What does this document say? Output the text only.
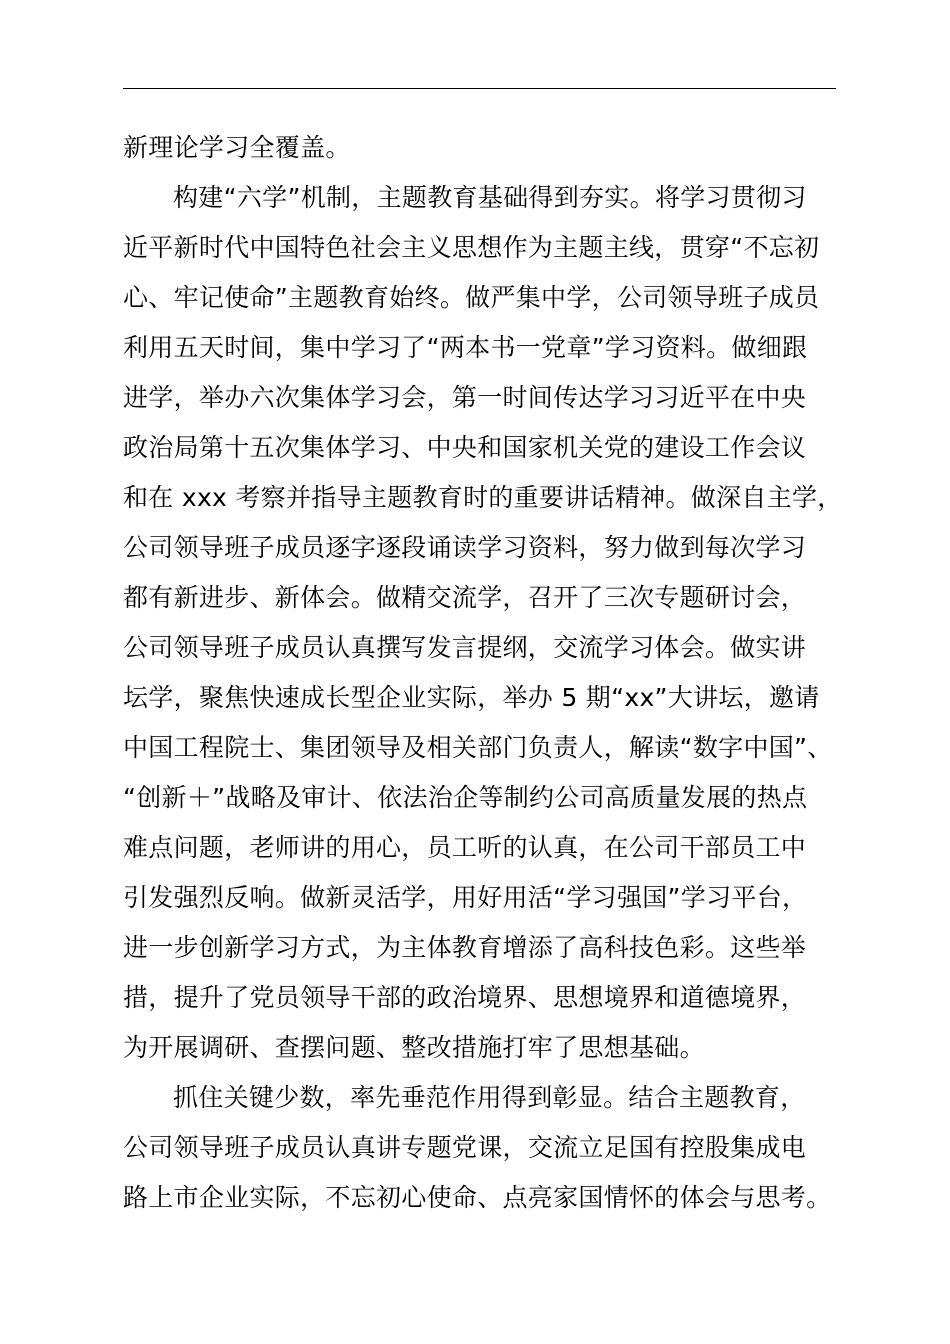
新理论学习全覆盖。
构建“六学”机制，主题教育基础得到夯实。将学习贯彻习
近平新时代中国特色社会主义思想作为主题主线，贯穿“不忘初
心、牢记使命”主题教育始终。做严集中学，公司领导班子成员
利用五天时间，集中学习了“两本书一党章”学习资料。做细跟
进学，举办六次集体学习会，第一时间传达学习习近平在中央
政治局第十五次集体学习、中央和国家机关党的建设工作会议
和在 xxx 考察并指导主题教育时的重要讲话精神。做深自主学，
公司领导班子成员逐字逐段诵读学习资料，努力做到每次学习
都有新进步、新体会。做精交流学，召开了三次专题研讨会，
公司领导班子成员认真撰写发言提纲，交流学习体会。做实讲
坛学，聚焦快速成长型企业实际，举办 5 期“xx”大讲坛，邀请
中国工程院士、集团领导及相关部门负责人，解读“数字中国”、
“创新＋”战略及审计、依法治企等制约公司高质量发展的热点
难点问题，老师讲的用心，员工听的认真，在公司干部员工中
引发强烈反响。做新灵活学，用好用活“学习强国”学习平台，
进一步创新学习方式，为主体教育增添了高科技色彩。这些举
措，提升了党员领导干部的政治境界、思想境界和道德境界，
为开展调研、查摆问题、整改措施打牢了思想基础。
抓住关键少数，率先垂范作用得到彰显。结合主题教育，
公司领导班子成员认真讲专题党课，交流立足国有控股集成电
路上市企业实际，不忘初心使命、点亮家国情怀的体会与思考。
